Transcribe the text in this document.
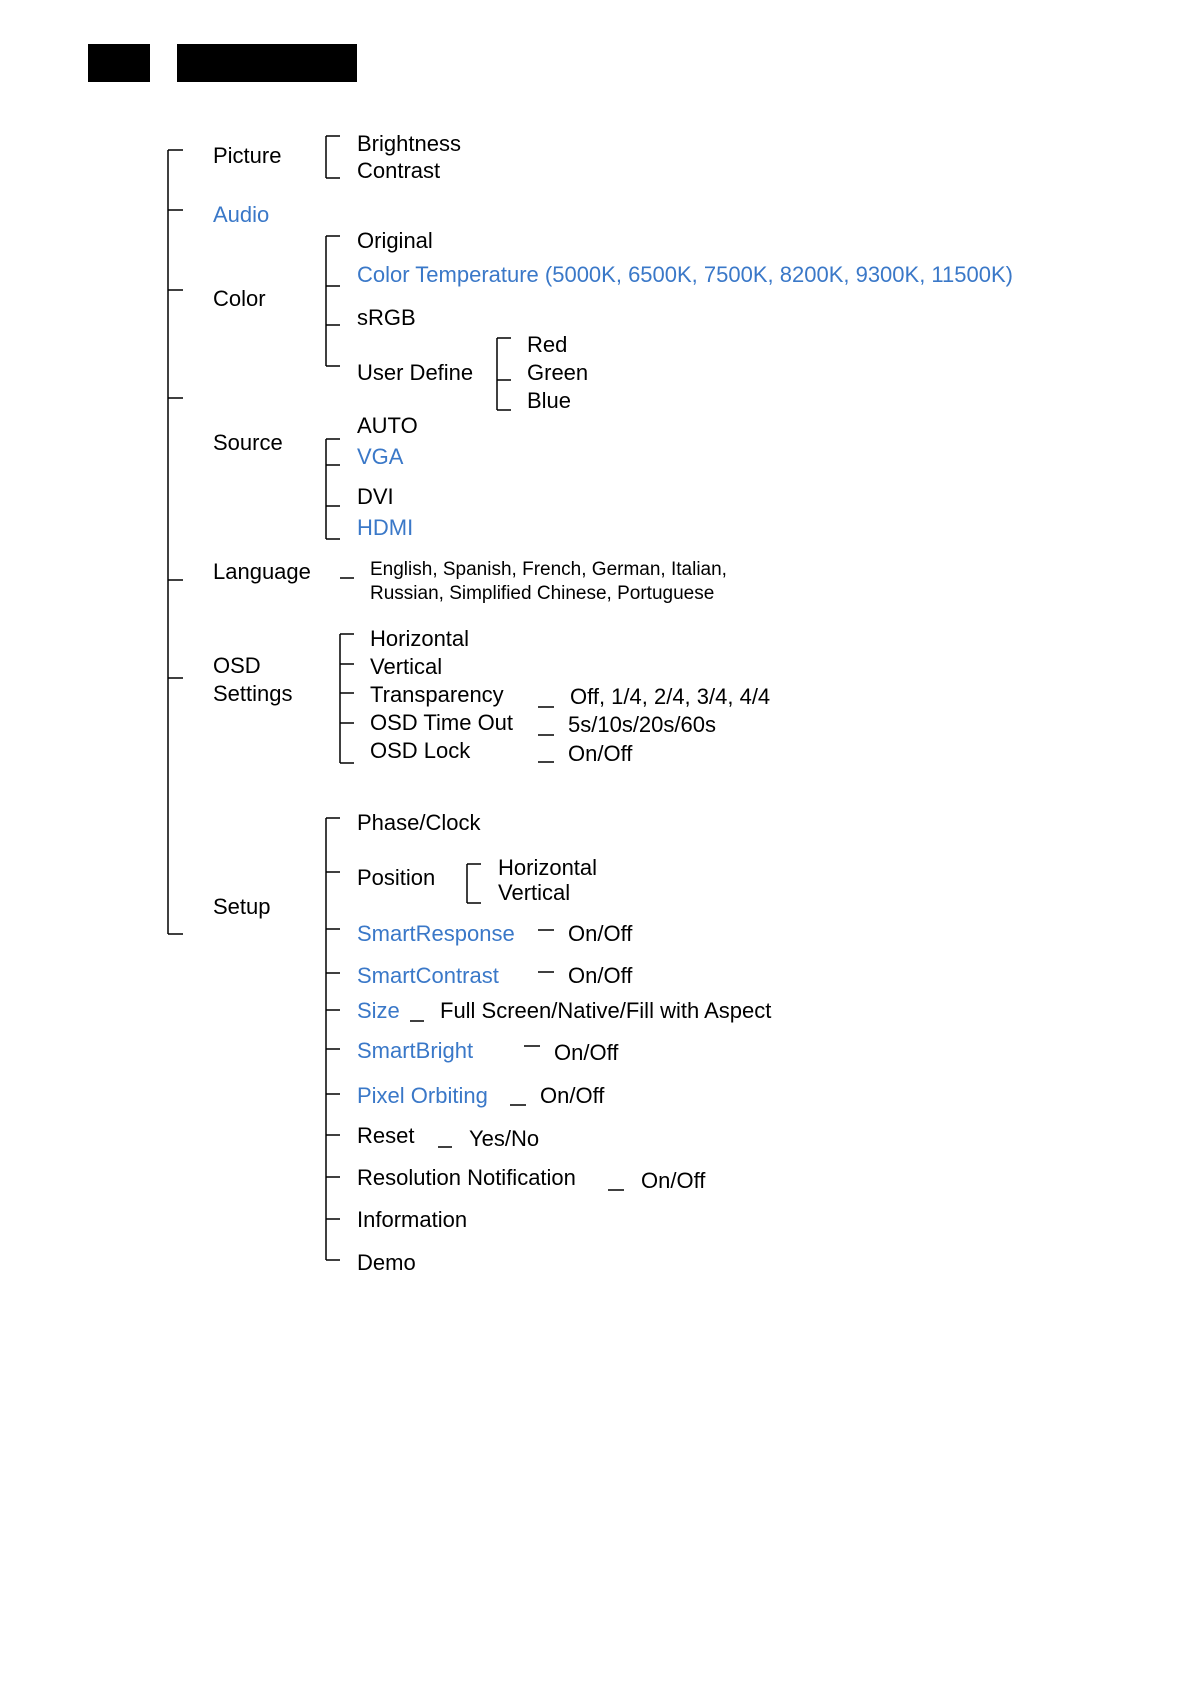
Picture	Brightness
Contrast
Audio
Color
Original
Color Temperature (5000K, 6500K, 7500K, 8200K, 9300K, 11500K)
sRGB
User Define
Red
Green
Blue
Source
AUTO
VGA
DVI
HDMI
Language	English, Spanish, French, German, Italian,
Russian, Simplified Chinese, Portuguese
OSD
Settings
Horizontal
Vertical
Transparency
OSD Time Out
OSD Lock
Off, 1/4, 2/4, 3/4, 4/4
5s/10s/20s/60s
On/Off
Setup
Phase/Clock
Position	Horizontal
Vertical
SmartResponse On/Off
SmartContrast	On/Off
Size Full Screen/Native/Fill with Aspect
SmartBright	On/Off
Pixel Orbiting On/Off
Reset Yes/No
Resolution Notification	On/Off
Information
Demo
